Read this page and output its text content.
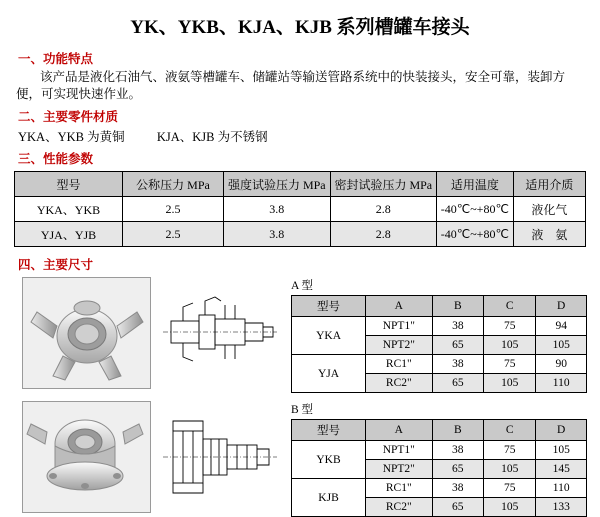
YK、YKB、KJA、KJB 系列槽罐车接头
一、功能特点
该产品是液化石油气、液氨等槽罐车、储罐站等输送管路系统中的快装接头，安全可靠，装卸方便，可实现快速作业。
二、主要零件材质
YKA、YKB 为黄铜	KJA、KJB 为不锈钢
三、性能参数
型号	公称压力 MPa	强度试验压力 MPa	密封试验压力 MPa	适用温度	适用介质
YKA、YKB	2.5	3.8	2.8	-40℃~+80℃	液化气
YJA、YJB	2.5	3.8	2.8	-40℃~+80℃	液　氨
四、主要尺寸
A 型
型号	A	B	C	D
YKA	NPT1"	38	75	94
	NPT2"	65	105	105
YJA	RC1"	38	75	90
	RC2"	65	105	110
B 型
型号	A	B	C	D
YKB	NPT1"	38	75	105
	NPT2"	65	105	145
KJB	RC1"	38	75	110
	RC2"	65	105	133
